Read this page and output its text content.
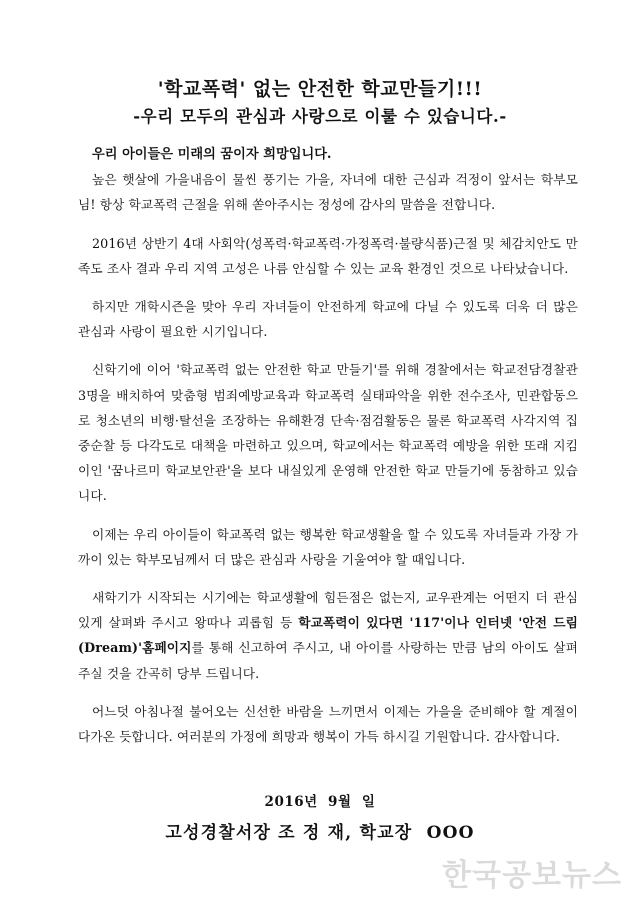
'학교폭력' 없는 안전한 학교만들기!!!
-우리 모두의 관심과 사랑으로 이룰 수 있습니다.-

우리 아이들은 미래의 꿈이자 희망입니다.

높은 햇살에 가을내음이 물씬 풍기는 가을, 자녀에 대한 근심과 걱정이 앞서는 학부모님! 항상 학교폭력 근절을 위해 쏟아주시는 정성에 감사의 말씀을 전합니다.

2016년 상반기 4대 사회악(성폭력·학교폭력·가정폭력·불량식품)근절 및 체감치안도 만족도 조사 결과 우리 지역 고성은 나름 안심할 수 있는 교육 환경인 것으로 나타났습니다.

하지만 개학시즌을 맞아 우리 자녀들이 안전하게 학교에 다닐 수 있도록 더욱 더 많은 관심과 사랑이 필요한 시기입니다.

신학기에 이어 '학교폭력 없는 안전한 학교 만들기'를 위해 경찰에서는 학교전담경찰관 3명을 배치하여 맞춤형 범죄예방교육과 학교폭력 실태파악을 위한 전수조사, 민관합동으로 청소년의 비행·탈선을 조장하는 유해환경 단속·점검활동은 물론 학교폭력 사각지역 집중순찰 등 다각도로 대책을 마련하고 있으며, 학교에서는 학교폭력 예방을 위한 또래 지킴이인 '꿈나르미 학교보안관'을 보다 내실있게 운영해 안전한 학교 만들기에 동참하고 있습니다.

이제는 우리 아이들이 학교폭력 없는 행복한 학교생활을 할 수 있도록 자녀들과 가장 가까이 있는 학부모님께서 더 많은 관심과 사랑을 기울여야 할 때입니다.

새학기가 시작되는 시기에는 학교생활에 힘든점은 없는지, 교우관계는 어떤지 더 관심있게 살펴봐 주시고 왕따나 괴롭힘 등 학교폭력이 있다면 '117'이나 인터넷 '안전 드림(Dream)'홈페이지를 통해 신고하여 주시고, 내 아이를 사랑하는 만큼 남의 아이도 살펴 주실 것을 간곡히 당부 드립니다.

어느덧 아침나절 불어오는 신선한 바람을 느끼면서 이제는 가을을 준비해야 할 계절이 다가온 듯합니다. 여러분의 가정에 희망과 행복이 가득 하시길 기원합니다. 감사합니다.

2016년  9월  일
고성경찰서장 조 정 재, 학교장  OOO
한국공보뉴스
